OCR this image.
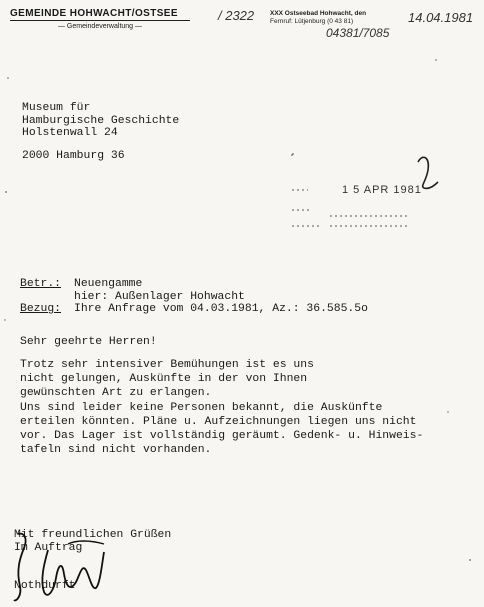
GEMEINDE HOHWACHT/OSTSEE
— Gemeindeverwaltung —
/ 2322 XXX Ostseebad Hohwacht, den
Fernruf: Lütjenburg (0 43 81)	14.04.1981
04381/7085
Museum für
Hamburgische Geschichte
Holstenwall 24
2000 Hamburg 36
1 5 APR 1981
Betr.:	Neuengamme
hier: Außenlager Hohwacht
Bezug:	Ihre Anfrage vom 04.03.1981, Az.: 36.585.5o
Sehr geehrte Herren!
Trotz sehr intensiver Bemühungen ist es uns
nicht gelungen, Auskünfte in der von Ihnen
gewünschten Art zu erlangen.
Uns sind leider keine Personen bekannt, die Auskünfte
erteilen könnten. Pläne u. Aufzeichnungen liegen uns nicht
vor. Das Lager ist vollständig geräumt. Gedenk- u. Hinweis-
tafeln sind nicht vorhanden.
Mit freundlichen Grüßen
Im Auftrag
Nothdurft
